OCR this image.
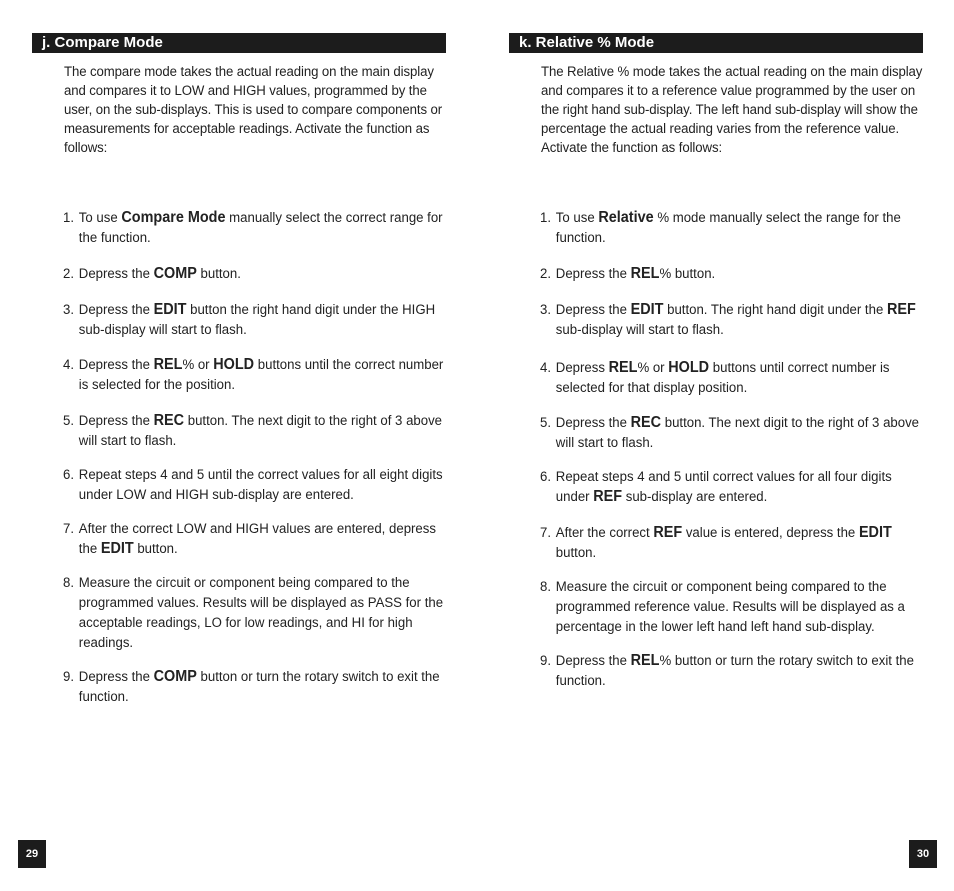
j. Compare Mode
The compare mode takes the actual reading on the main display and compares it to LOW and HIGH values, programmed by the user, on the sub-displays. This is used to compare components or measurements for acceptable readings. Activate the function as follows:
1. To use Compare Mode manually select the correct range for the function.
2. Depress the COMP button.
3. Depress the EDIT button the right hand digit under the HIGH sub-display will start to flash.
4. Depress the REL% or HOLD buttons until the correct number is selected for the position.
5. Depress the REC button. The next digit to the right of 3 above will start to flash.
6. Repeat steps 4 and 5 until the correct values for all eight digits under LOW and HIGH sub-display are entered.
7. After the correct LOW and HIGH values are entered, depress the EDIT button.
8. Measure the circuit or component being compared to the programmed values. Results will be displayed as PASS for the acceptable readings, LO for low readings, and HI for high readings.
9. Depress the COMP button or turn the rotary switch to exit the function.
29
k. Relative % Mode
The Relative % mode takes the actual reading on the main display and compares it to a reference value programmed by the user on the right hand sub-display. The left hand sub-display will show the percentage the actual reading varies from the reference value. Activate the function as follows:
1. To use Relative % mode manually select the range for the function.
2. Depress the REL% button.
3. Depress the EDIT button. The right hand digit under the REF sub-display will start to flash.
4. Depress REL% or HOLD buttons until correct number is selected for that display position.
5. Depress the REC button. The next digit to the right of 3 above will start to flash.
6. Repeat steps 4 and 5 until correct values for all four digits under REF sub-display are entered.
7. After the correct REF value is entered, depress the EDIT button.
8. Measure the circuit or component being compared to the programmed reference value. Results will be displayed as a percentage in the lower left hand left hand sub-display.
9. Depress the REL% button or turn the rotary switch to exit the function.
30
